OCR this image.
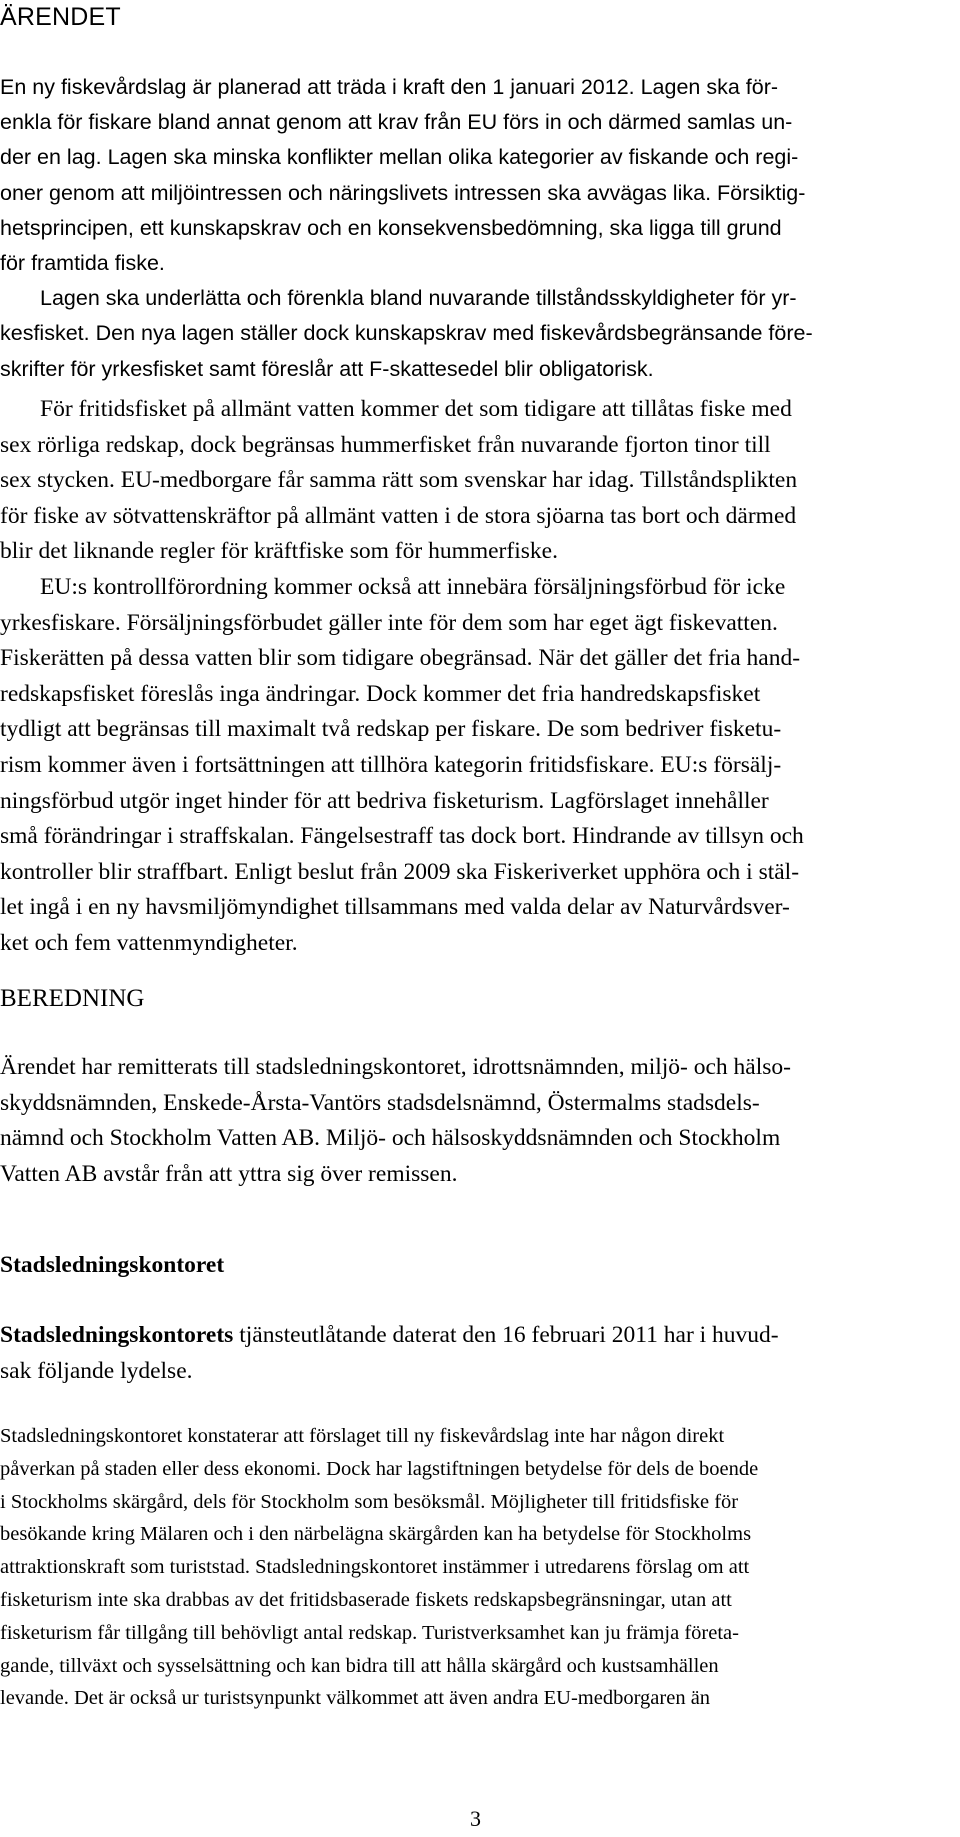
ÄRENDET
En ny fiskevårdslag är planerad att träda i kraft den 1 januari 2012. Lagen ska för-
enkla för fiskare bland annat genom att krav från EU förs in och därmed samlas un-
der en lag. Lagen ska minska konflikter mellan olika kategorier av fiskande och regi-
oner genom att miljöintressen och näringslivets intressen ska avvägas lika. Försiktig-
hetsprincipen, ett kunskapskrav och en konsekvensbedömning, ska ligga till grund
för framtida fiske.
Lagen ska underlätta och förenkla bland nuvarande tillståndsskyldigheter för yr-
kesfisket. Den nya lagen ställer dock kunskapskrav med fiskevårdsbegränsande före-
skrifter för yrkesfisket samt föreslår att F-skattesedel blir obligatorisk.
För fritidsfisket på allmänt vatten kommer det som tidigare att tillåtas fiske med
sex rörliga redskap, dock begränsas hummerfisket från nuvarande fjorton tinor till
sex stycken. EU-medborgare får samma rätt som svenskar har idag. Tillståndsplikten
för fiske av sötvattenskräftor på allmänt vatten i de stora sjöarna tas bort och därmed
blir det liknande regler för kräftfiske som för hummerfiske.
EU:s kontrollförordning kommer också att innebära försäljningsförbud för icke
yrkesfiskare. Försäljningsförbudet gäller inte för dem som har eget ägt fiskevatten.
Fiskerätten på dessa vatten blir som tidigare obegränsad. När det gäller det fria hand-
redskapsfisket föreslås inga ändringar. Dock kommer det fria handredskapsfisket
tydligt att begränsas till maximalt två redskap per fiskare. De som bedriver fisketu-
rism kommer även i fortsättningen att tillhöra kategorin fritidsfiskare. EU:s försälj-
ningsförbud utgör inget hinder för att bedriva fisketurism. Lagförslaget innehåller
små förändringar i straffskalan. Fängelsestraff tas dock bort. Hindrande av tillsyn och
kontroller blir straffbart. Enligt beslut från 2009 ska Fiskeriverket upphöra och i stäl-
let ingå i en ny havsmiljömyndighet tillsammans med valda delar av Naturvårdsver-
ket och fem vattenmyndigheter.
BEREDNING
Ärendet har remitterats till stadsledningskontoret, idrottsnämnden, miljö- och hälso-
skyddsnämnden, Enskede-Årsta-Vantörs stadsdelsnämnd, Östermalms stadsdels-
nämnd och Stockholm Vatten AB. Miljö- och hälsoskyddsnämnden och Stockholm
Vatten AB avstår från att yttra sig över remissen.
Stadsledningskontoret
Stadsledningskontorets tjänsteutlåtande daterat den 16 februari 2011 har i huvud-
sak följande lydelse.
Stadsledningskontoret konstaterar att förslaget till ny fiskevårdslag inte har någon direkt
påverkan på staden eller dess ekonomi. Dock har lagstiftningen betydelse för dels de boende
i Stockholms skärgård, dels för Stockholm som besöksmål. Möjligheter till fritidsfiske för
besökande kring Mälaren och i den närbelägna skärgården kan ha betydelse för Stockholms
attraktionskraft som turiststad. Stadsledningskontoret instämmer i utredarens förslag om att
fisketurism inte ska drabbas av det fritidsbaserade fiskets redskapsbegränsningar, utan att
fisketurism får tillgång till behövligt antal redskap. Turistverksamhet kan ju främja företa-
gande, tillväxt och sysselsättning och kan bidra till att hålla skärgård och kustsamhällen
levande. Det är också ur turistsynpunkt välkommet att även andra EU-medborgaren än
3
